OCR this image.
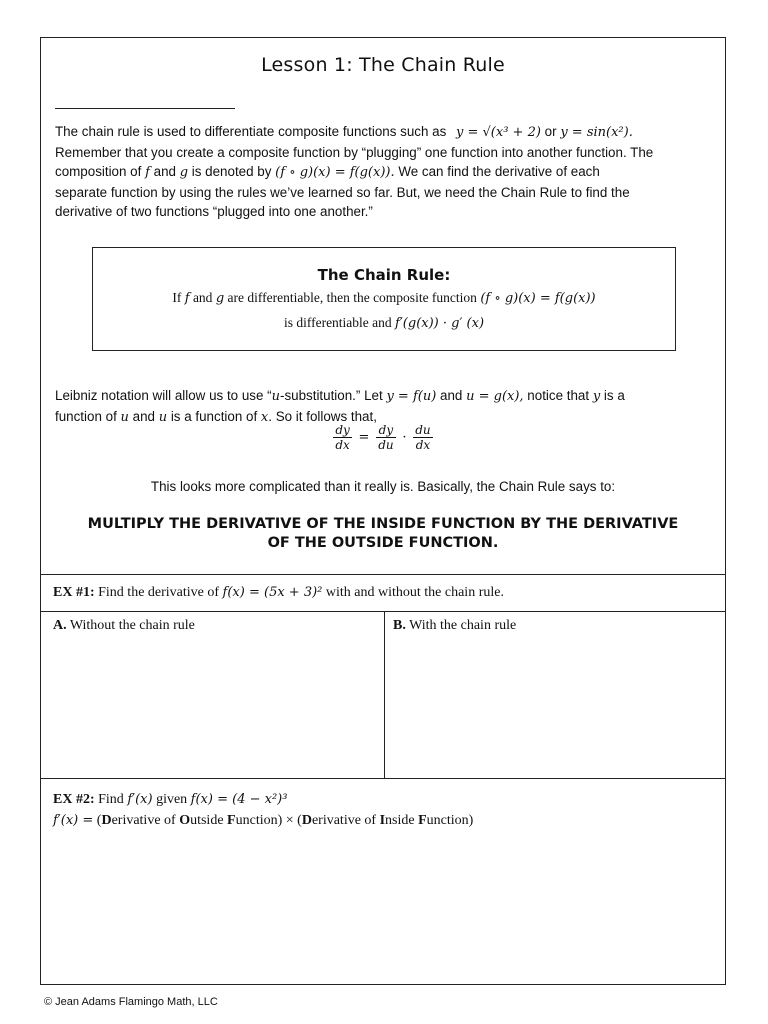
Lesson 1: The Chain Rule
The chain rule is used to differentiate composite functions such as y = √(x³ + 2) or y = sin(x²).
Remember that you create a composite function by “plugging” one function into another function. The
composition of f and g is denoted by (f ∘ g)(x) = f(g(x)). We can find the derivative of each
separate function by using the rules we’ve learned so far. But, we need the Chain Rule to find the
derivative of two functions “plugged into one another.”
The Chain Rule:
If f and g are differentiable, then the composite function (f ∘ g)(x) = f(g(x))
is differentiable and f′(g(x)) · g′ (x)
Leibniz notation will allow us to use “u-substitution.” Let y = f(u) and u = g(x), notice that y is a
function of u and u is a function of x. So it follows that,
$\frac{dy}{dx} = \frac{dy}{du} \cdot \frac{du}{dx}$
This looks more complicated than it really is. Basically, the Chain Rule says to:
MULTIPLY THE DERIVATIVE OF THE INSIDE FUNCTION BY THE DERIVATIVE
OF THE OUTSIDE FUNCTION.
EX #1: Find the derivative of f(x) = (5x + 3)² with and without the chain rule.
A. Without the chain rule	B. With the chain rule
EX #2: Find f′(x) given f(x) = (4 − x²)³
f′(x) = (Derivative of Outside Function) × (Derivative of Inside Function)
© Jean Adams Flamingo Math, LLC
